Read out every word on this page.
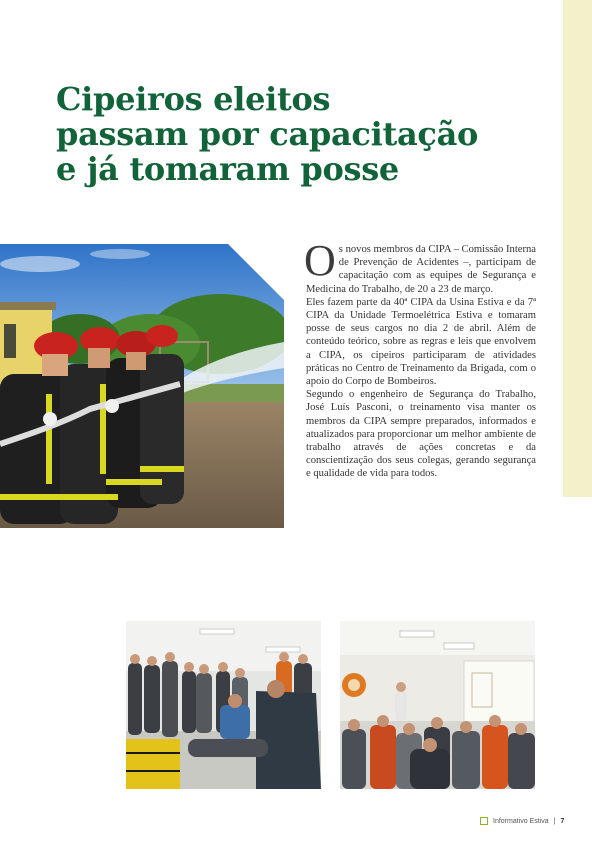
Cipeiros eleitos
passam por capacitação
e já tomaram posse

Os novos membros da CIPA – Comissão Interna de Prevenção de Acidentes –, participam de capacitação com as equipes de Segurança e Medicina do Trabalho, de 20 a 23 de março.

Eles fazem parte da 40ª CIPA da Usina Estiva e da 7ª CIPA da Unidade Termoelétrica Estiva e tomaram posse de seus cargos no dia 2 de abril. Além de conteúdo teórico, sobre as regras e leis que envolvem a CIPA, os cipeiros participaram de atividades práticas no Centro de Treinamento da Brigada, com o apoio do Corpo de Bombeiros.

Segundo o engenheiro de Segurança do Trabalho, José Luís Pasconi, o treinamento visa manter os membros da CIPA sempre preparados, informados e atualizados para proporcionar um melhor ambiente de trabalho através de ações concretas e da conscientização dos seus colegas, gerando segurança e qualidade de vida para todos.

Informativo Estiva | 7
